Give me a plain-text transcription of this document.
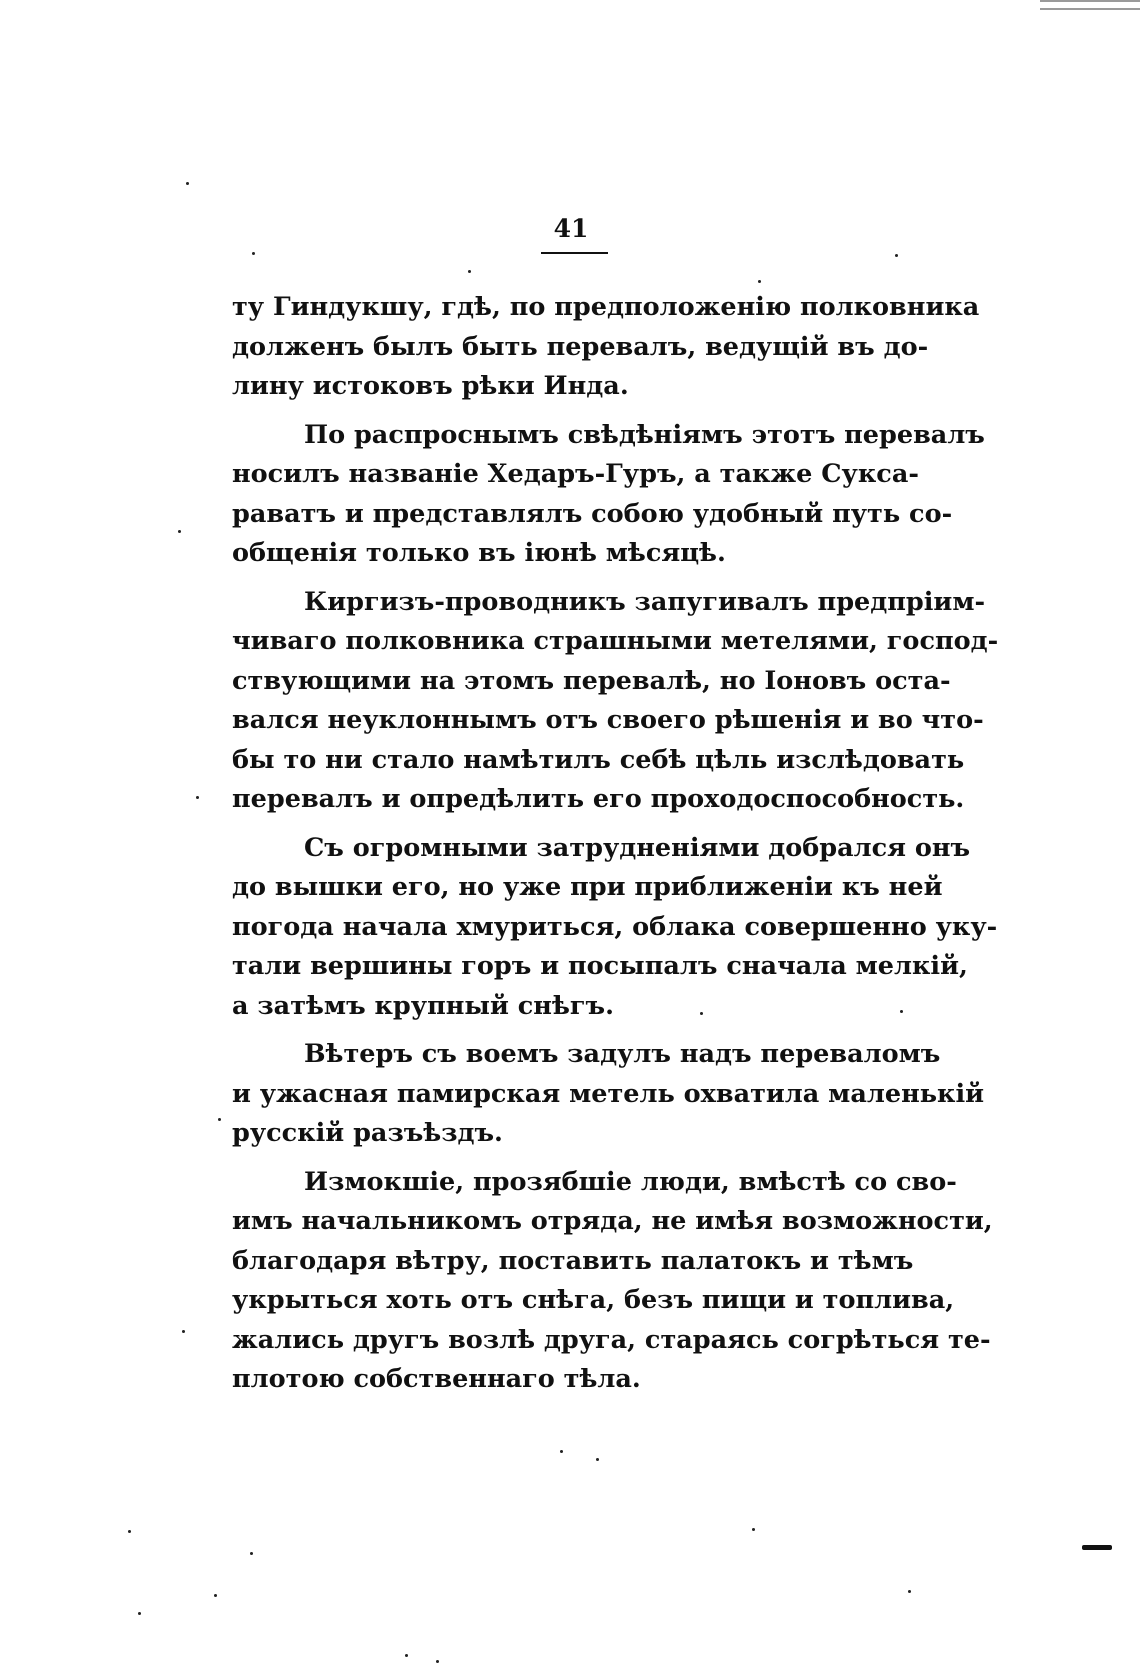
41

ту Гиндукшу, гдѣ, по предположенію полковника
долженъ былъ быть перевалъ, ведущій въ до-
лину истоковъ рѣки Инда.

По распроснымъ свѣдѣніямъ этотъ перевалъ
носилъ названіе Хедаръ-Гуръ, а также Сукса-
раватъ и представлялъ собою удобный путь со-
общенія только въ іюнѣ мѣсяцѣ.

Киргизъ-проводникъ запугивалъ предпріим-
чиваго полковника страшными метелями, господ-
ствующими на этомъ перевалѣ, но Іоновъ оста-
вался неуклоннымъ отъ своего рѣшенія и во что-
бы то ни стало намѣтилъ себѣ цѣль изслѣдовать
перевалъ и опредѣлить его проходоспособность.

Съ огромными затрудненіями добрался онъ
до вышки его, но уже при приближеніи къ ней
погода начала хмуриться, облака совершенно уку-
тали вершины горъ и посыпалъ сначала мелкій,
а затѣмъ крупный снѣгъ.

Вѣтеръ съ воемъ задулъ надъ переваломъ
и ужасная памирская метель охватила маленькій
русскій разъѣздъ.

Измокшіе, прозябшіе люди, вмѣстѣ со сво-
имъ начальникомъ отряда, не имѣя возможности,
благодаря вѣтру, поставить палатокъ и тѣмъ
укрыться хоть отъ снѣга, безъ пищи и топлива,
жались другъ возлѣ друга, стараясь согрѣться те-
плотою собственнаго тѣла.
